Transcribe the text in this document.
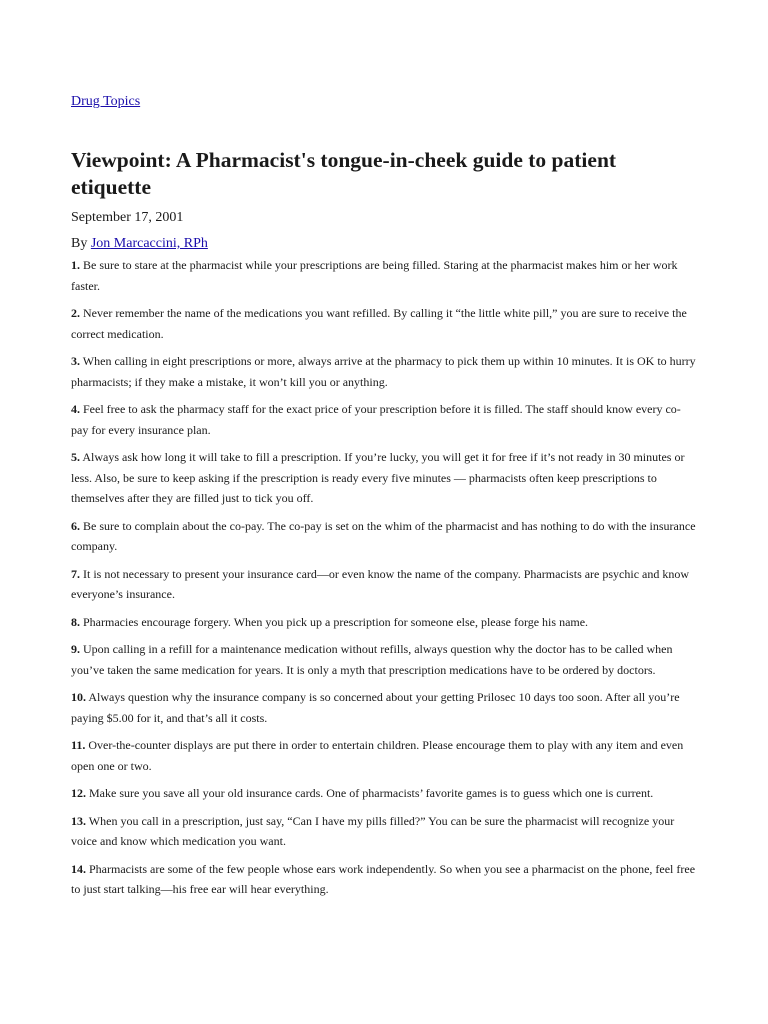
Drug Topics
Viewpoint: A Pharmacist's tongue-in-cheek guide to patient etiquette
September 17, 2001
By Jon Marcaccini, RPh

1. Be sure to stare at the pharmacist while your prescriptions are being filled. Staring at the pharmacist makes him or her work faster.

2. Never remember the name of the medications you want refilled. By calling it “the little white pill,” you are sure to receive the correct medication.

3. When calling in eight prescriptions or more, always arrive at the pharmacy to pick them up within 10 minutes. It is OK to hurry pharmacists; if they make a mistake, it won’t kill you or anything.

4. Feel free to ask the pharmacy staff for the exact price of your prescription before it is filled. The staff should know every co-pay for every insurance plan.

5. Always ask how long it will take to fill a prescription. If you’re lucky, you will get it for free if it’s not ready in 30 minutes or less. Also, be sure to keep asking if the prescription is ready every five minutes — pharmacists often keep prescriptions to themselves after they are filled just to tick you off.

6. Be sure to complain about the co-pay. The co-pay is set on the whim of the pharmacist and has nothing to do with the insurance company.

7. It is not necessary to present your insurance card—or even know the name of the company. Pharmacists are psychic and know everyone’s insurance.

8. Pharmacies encourage forgery. When you pick up a prescription for someone else, please forge his name.

9. Upon calling in a refill for a maintenance medication without refills, always question why the doctor has to be called when you’ve taken the same medication for years. It is only a myth that prescription medications have to be ordered by doctors.

10. Always question why the insurance company is so concerned about your getting Prilosec 10 days too soon. After all you’re paying $5.00 for it, and that’s all it costs.

11. Over-the-counter displays are put there in order to entertain children. Please encourage them to play with any item and even open one or two.

12. Make sure you save all your old insurance cards. One of pharmacists’ favorite games is to guess which one is current.

13. When you call in a prescription, just say, “Can I have my pills filled?” You can be sure the pharmacist will recognize your voice and know which medication you want.

14. Pharmacists are some of the few people whose ears work independently. So when you see a pharmacist on the phone, feel free to just start talking—his free ear will hear everything.
